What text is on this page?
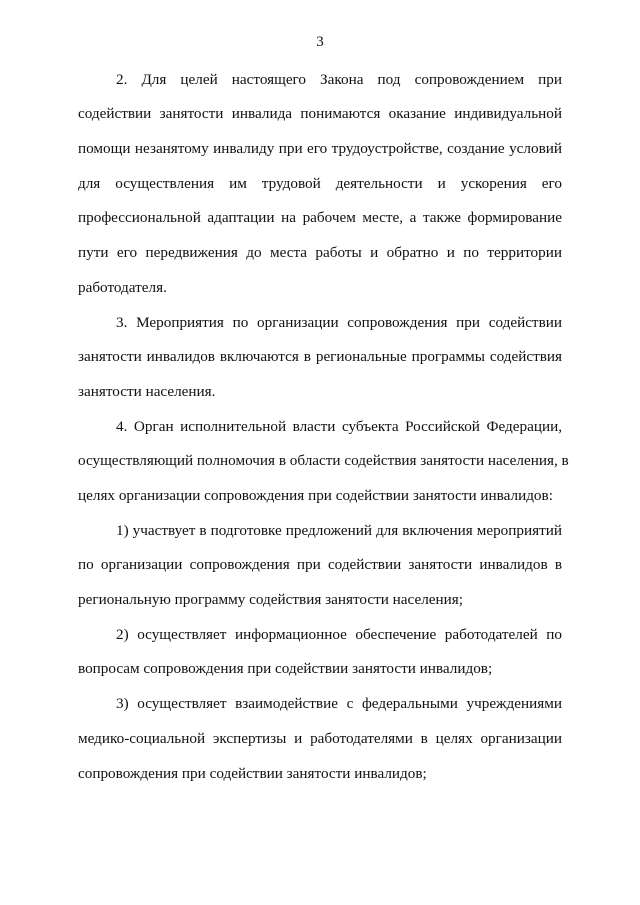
3
2. Для целей настоящего Закона под сопровождением при
содействии занятости инвалида понимаются оказание индивидуальной
помощи незанятому инвалиду при его трудоустройстве, создание условий
для осуществления им трудовой деятельности и ускорения его
профессиональной адаптации на рабочем месте, а также формирование
пути его передвижения до места работы и обратно и по территории
работодателя.
3. Мероприятия по организации сопровождения при содействии
занятости инвалидов включаются в региональные программы содействия
занятости населения.
4. Орган исполнительной власти субъекта Российской Федерации,
осуществляющий полномочия в области содействия занятости населения, в
целях организации сопровождения при содействии занятости инвалидов:
1) участвует в подготовке предложений для включения мероприятий
по организации сопровождения при содействии занятости инвалидов в
региональную программу содействия занятости населения;
2) осуществляет информационное обеспечение работодателей по
вопросам сопровождения при содействии занятости инвалидов;
3) осуществляет взаимодействие с федеральными учреждениями
медико-социальной экспертизы и работодателями в целях организации
сопровождения при содействии занятости инвалидов;
